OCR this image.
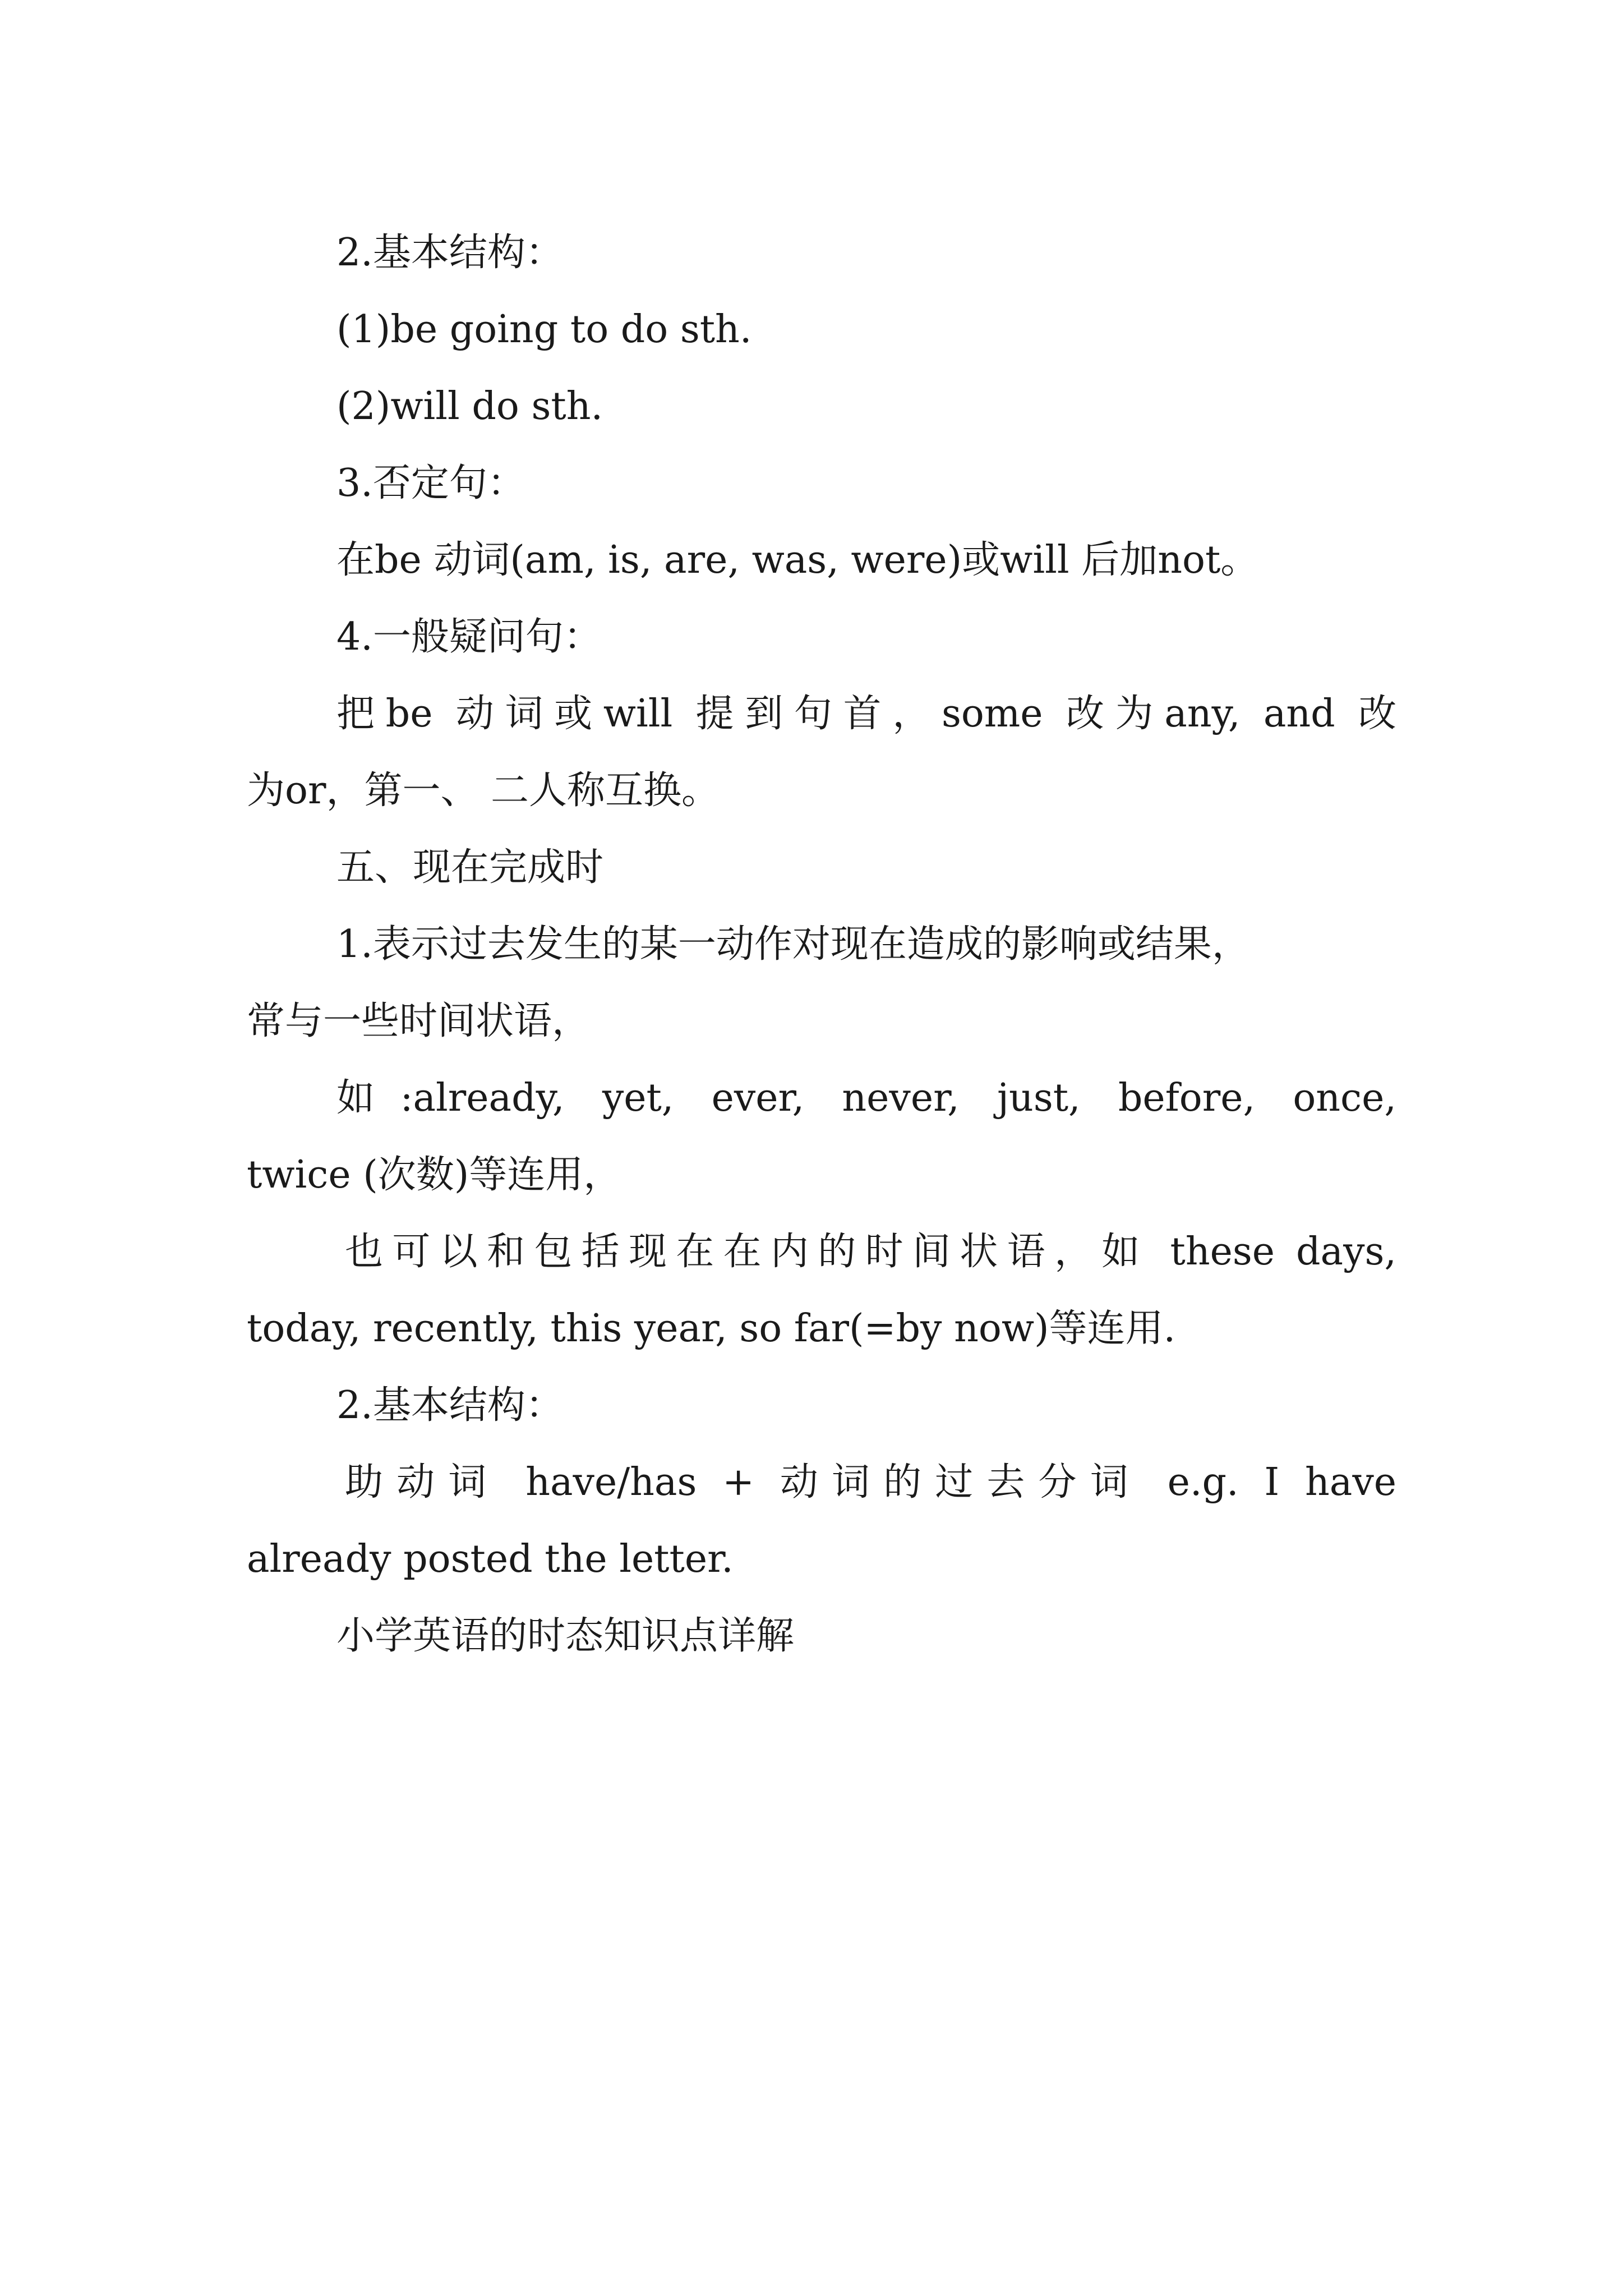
2.基本结构：
(1)be going to do sth.
(2)will do sth.
3.否定句：
在be 动词(am, is, are, was, were)或will 后加not。
4.一般疑问句：
把be 动词或will 提到句首，some 改为any, and 改
为or，第一、 二人称互换。
五、现在完成时
1.表示过去发生的某一动作对现在造成的影响或结果，
常与一些时间状语，
如:already, yet, ever, never, just, before, once,
twice (次数)等连用，
也可以和包括现在在内的时间状语，如 these days,
today, recently, this year, so far(=by now)等连用.
2.基本结构：
助动词 have/has + 动词的过去分词 e.g. I have
already posted the letter.
小学英语的时态知识点详解
